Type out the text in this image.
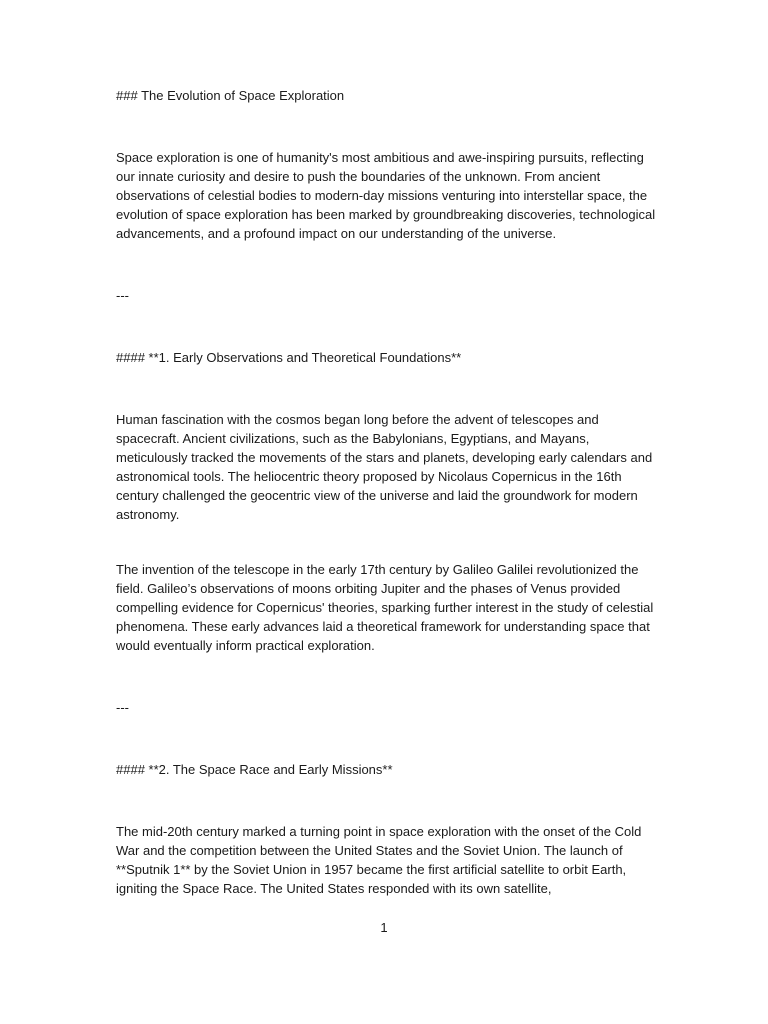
### The Evolution of Space Exploration

Space exploration is one of humanity's most ambitious and awe-inspiring pursuits, reflecting our innate curiosity and desire to push the boundaries of the unknown. From ancient observations of celestial bodies to modern-day missions venturing into interstellar space, the evolution of space exploration has been marked by groundbreaking discoveries, technological advancements, and a profound impact on our understanding of the universe.

---

#### **1. Early Observations and Theoretical Foundations**

Human fascination with the cosmos began long before the advent of telescopes and spacecraft. Ancient civilizations, such as the Babylonians, Egyptians, and Mayans, meticulously tracked the movements of the stars and planets, developing early calendars and astronomical tools. The heliocentric theory proposed by Nicolaus Copernicus in the 16th century challenged the geocentric view of the universe and laid the groundwork for modern astronomy.

The invention of the telescope in the early 17th century by Galileo Galilei revolutionized the field. Galileo’s observations of moons orbiting Jupiter and the phases of Venus provided compelling evidence for Copernicus' theories, sparking further interest in the study of celestial phenomena. These early advances laid a theoretical framework for understanding space that would eventually inform practical exploration.

---

#### **2. The Space Race and Early Missions**

The mid-20th century marked a turning point in space exploration with the onset of the Cold War and the competition between the United States and the Soviet Union. The launch of **Sputnik 1** by the Soviet Union in 1957 became the first artificial satellite to orbit Earth, igniting the Space Race. The United States responded with its own satellite,

1
